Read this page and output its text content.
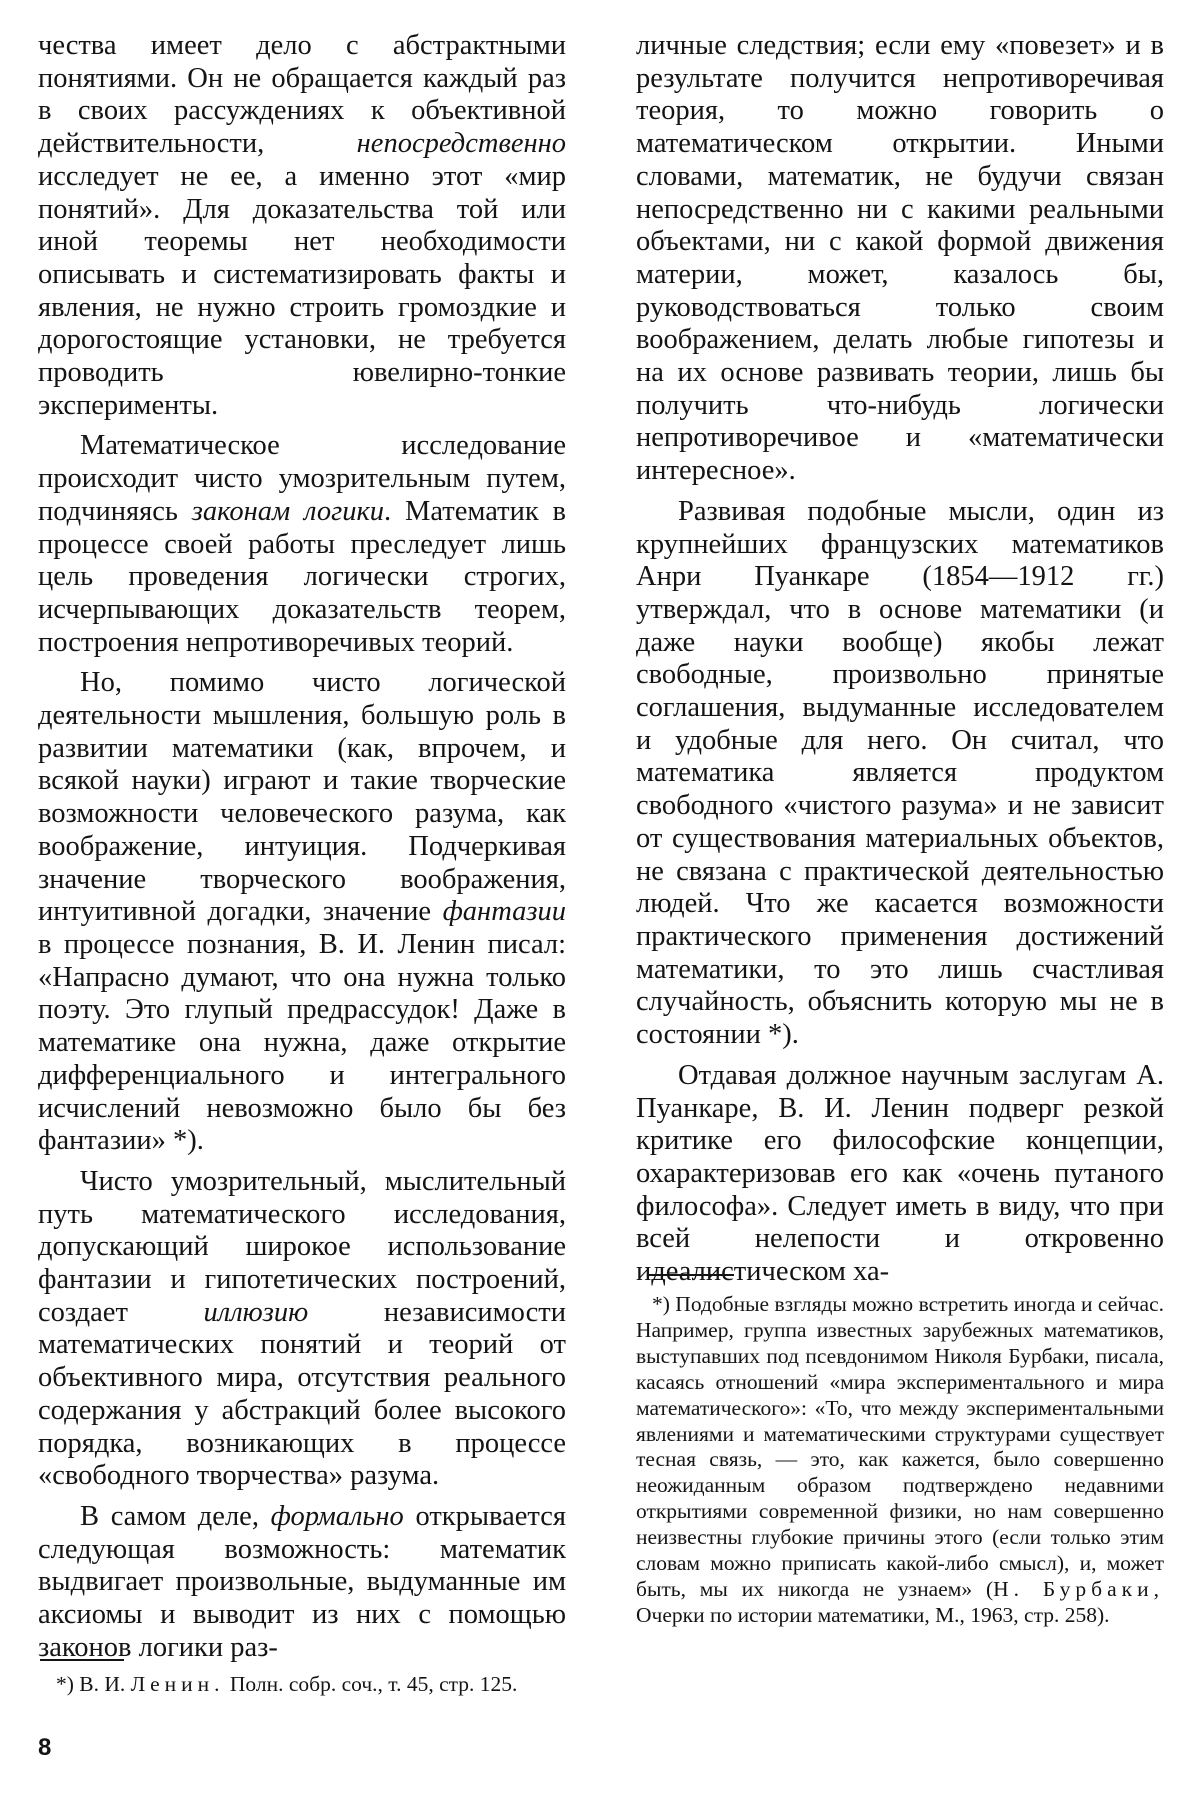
чества имеет дело с абстрактными понятиями. Он не обращается каждый раз в своих рассуждениях к объективной действительности, непосредственно исследует не ее, а именно этот «мир понятий». Для доказательства той или иной теоремы нет необходимости описывать и систематизировать факты и явления, не нужно строить громоздкие и дорогостоящие установки, не требуется проводить ювелирно-тонкие эксперименты.

Математическое исследование происходит чисто умозрительным путем, подчиняясь законам логики. Математик в процессе своей работы преследует лишь цель проведения логически строгих, исчерпывающих доказательств теорем, построения непротиворечивых теорий.

Но, помимо чисто логической деятельности мышления, большую роль в развитии математики (как, впрочем, и всякой науки) играют и такие творческие возможности человеческого разума, как воображение, интуиция. Подчеркивая значение творческого воображения, интуитивной догадки, значение фантазии в процессе познания, В. И. Ленин писал: «Напрасно думают, что она нужна только поэту. Это глупый предрассудок! Даже в математике она нужна, даже открытие дифференциального и интегрального исчислений невозможно было бы без фантазии» *).

Чисто умозрительный, мыслительный путь математического исследования, допускающий широкое использование фантазии и гипотетических построений, создает иллюзию независимости математических понятий и теорий от объективного мира, отсутствия реального содержания у абстракций более высокого порядка, возникающих в процессе «свободного творчества» разума.

В самом деле, формально открывается следующая возможность: математик выдвигает произвольные, выдуманные им аксиомы и выводит из них с помощью законов логики раз-

*) В. И. Ленин. Полн. собр. соч., т. 45, стр. 125.

личные следствия; если ему «повезет» и в результате получится непротиворечивая теория, то можно говорить о математическом открытии. Иными словами, математик, не будучи связан непосредственно ни с какими реальными объектами, ни с какой формой движения материи, может, казалось бы, руководствоваться только своим воображением, делать любые гипотезы и на их основе развивать теории, лишь бы получить что-нибудь логически непротиворечивое и «математически интересное».

Развивая подобные мысли, один из крупнейших французских математиков Анри Пуанкаре (1854—1912 гг.) утверждал, что в основе математики (и даже науки вообще) якобы лежат свободные, произвольно принятые соглашения, выдуманные исследователем и удобные для него. Он считал, что математика является продуктом свободного «чистого разума» и не зависит от существования материальных объектов, не связана с практической деятельностью людей. Что же касается возможности практического применения достижений математики, то это лишь счастливая случайность, объяснить которую мы не в состоянии *).

Отдавая должное научным заслугам А. Пуанкаре, В. И. Ленин подверг резкой критике его философские концепции, охарактеризовав его как «очень путаного философа». Следует иметь в виду, что при всей нелепости и откровенно идеалистическом ха-

*) Подобные взгляды можно встретить иногда и сейчас. Например, группа известных зарубежных математиков, выступавших под псевдонимом Николя Бурбаки, писала, касаясь отношений «мира экспериментального и мира математического»: «То, что между экспериментальными явлениями и математическими структурами существует тесная связь, — это, как кажется, было совершенно неожиданным образом подтверждено недавними открытиями современной физики, но нам совершенно неизвестны глубокие причины этого (если только этим словам можно приписать какой-либо смысл), и, может быть, мы их никогда не узнаем» (Н. Бурбаки, Очерки по истории математики, М., 1963, стр. 258).

8
